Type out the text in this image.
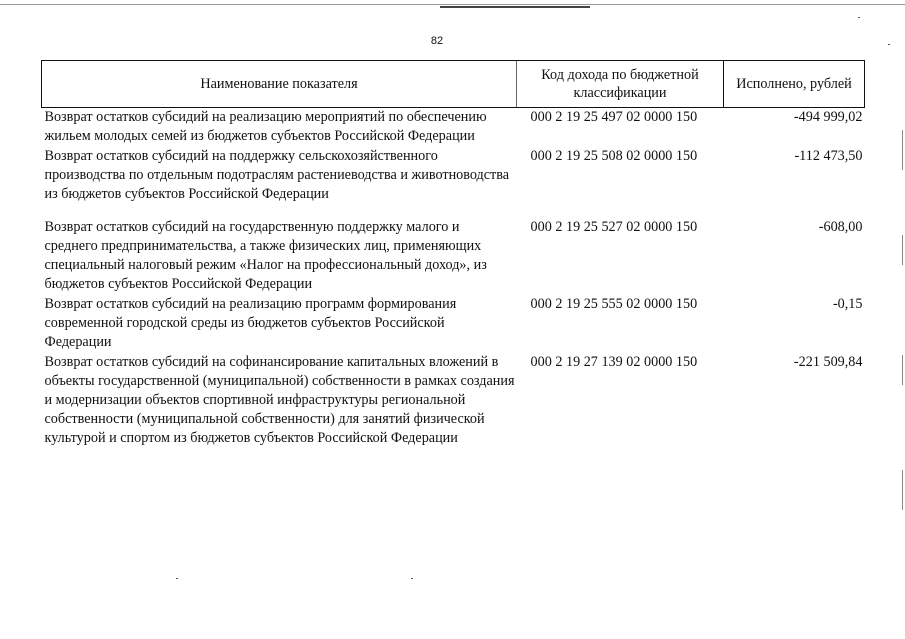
82
Наименование показателя	Код дохода по бюджетной классификации	Исполнено, рублей
Возврат остатков субсидий на реализацию мероприятий по обеспечению жильем молодых семей из бюджетов субъектов Российской Федерации	000 2 19 25 497 02 0000 150	-494 999,02
Возврат остатков субсидий на поддержку сельскохозяйственного производства по отдельным подотраслям растениеводства и животноводства из бюджетов субъектов Российской Федерации	000 2 19 25 508 02 0000 150	-112 473,50
Возврат остатков субсидий на государственную поддержку малого и среднего предпринимательства, а также физических лиц, применяющих специальный налоговый режим «Налог на профессиональный доход», из бюджетов субъектов Российской Федерации	000 2 19 25 527 02 0000 150	-608,00
Возврат остатков субсидий на реализацию программ формирования современной городской среды из бюджетов субъектов Российской Федерации	000 2 19 25 555 02 0000 150	-0,15
Возврат остатков субсидий на софинансирование капитальных вложений в объекты государственной (муниципальной) собственности в рамках создания и модернизации объектов спортивной инфраструктуры региональной собственности (муниципальной собственности) для занятий физической культурой и спортом из бюджетов субъектов Российской Федерации	000 2 19 27 139 02 0000 150	-221 509,84
